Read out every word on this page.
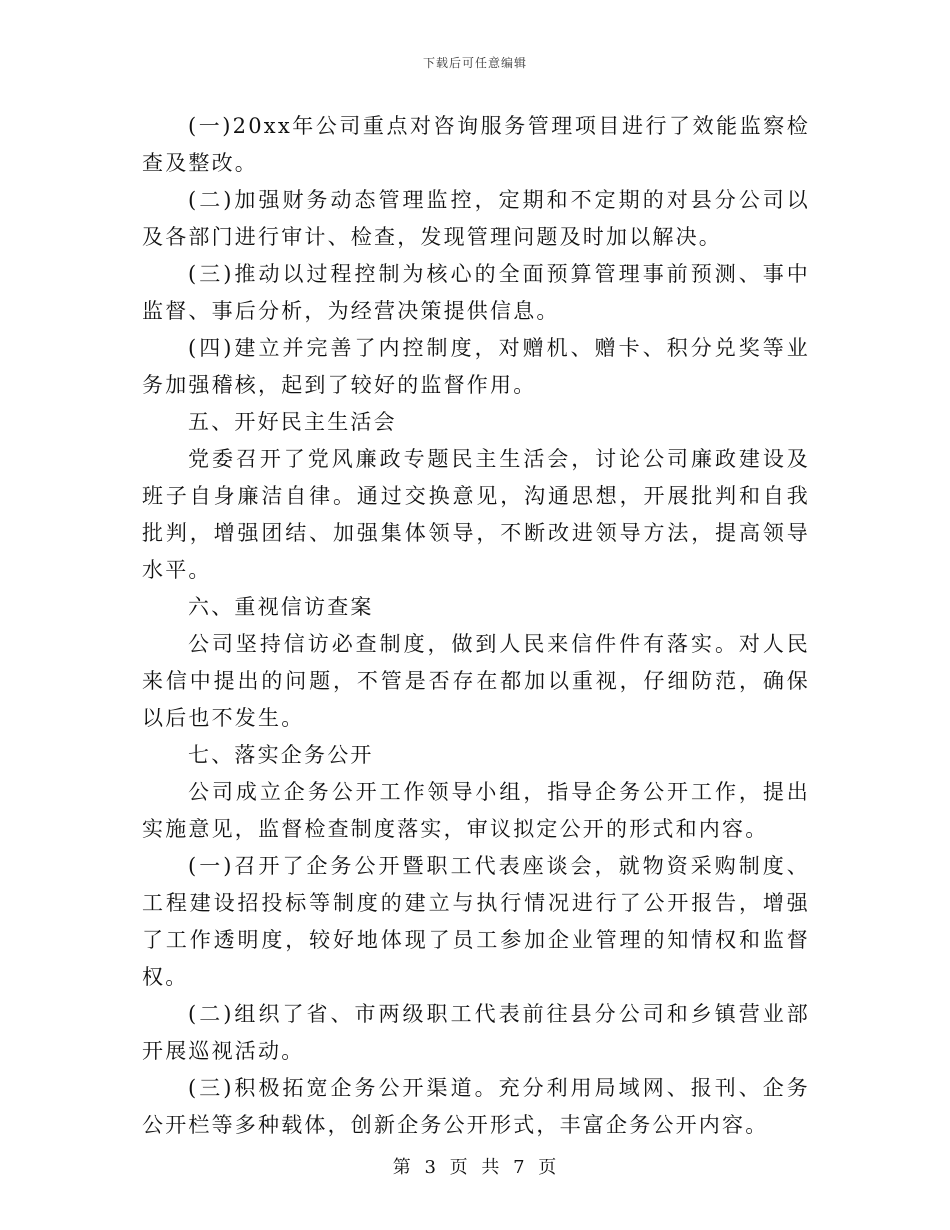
下载后可任意编辑

(一)20xx年公司重点对咨询服务管理项目进行了效能监察检查及整改。

(二)加强财务动态管理监控，定期和不定期的对县分公司以及各部门进行审计、检查，发现管理问题及时加以解决。

(三)推动以过程控制为核心的全面预算管理事前预测、事中监督、事后分析，为经营决策提供信息。

(四)建立并完善了内控制度，对赠机、赠卡、积分兑奖等业务加强稽核，起到了较好的监督作用。

五、开好民主生活会

党委召开了党风廉政专题民主生活会，讨论公司廉政建设及班子自身廉洁自律。通过交换意见，沟通思想，开展批判和自我批判，增强团结、加强集体领导，不断改进领导方法，提高领导水平。

六、重视信访查案

公司坚持信访必查制度，做到人民来信件件有落实。对人民来信中提出的问题，不管是否存在都加以重视，仔细防范，确保以后也不发生。

七、落实企务公开

公司成立企务公开工作领导小组，指导企务公开工作，提出实施意见，监督检查制度落实，审议拟定公开的形式和内容。

(一)召开了企务公开暨职工代表座谈会，就物资采购制度、工程建设招投标等制度的建立与执行情况进行了公开报告，增强了工作透明度，较好地体现了员工参加企业管理的知情权和监督权。

(二)组织了省、市两级职工代表前往县分公司和乡镇营业部开展巡视活动。

(三)积极拓宽企务公开渠道。充分利用局域网、报刊、企务公开栏等多种载体，创新企务公开形式，丰富企务公开内容。

第 3 页 共 7 页
